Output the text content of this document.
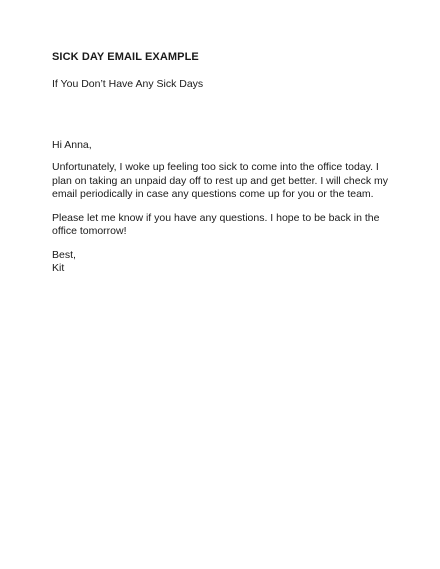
SICK DAY EMAIL EXAMPLE

If You Don’t Have Any Sick Days

Hi Anna,

Unfortunately, I woke up feeling too sick to come into the office today. I
plan on taking an unpaid day off to rest up and get better. I will check my
email periodically in case any questions come up for you or the team.

Please let me know if you have any questions. I hope to be back in the
office tomorrow!

Best,
Kit
